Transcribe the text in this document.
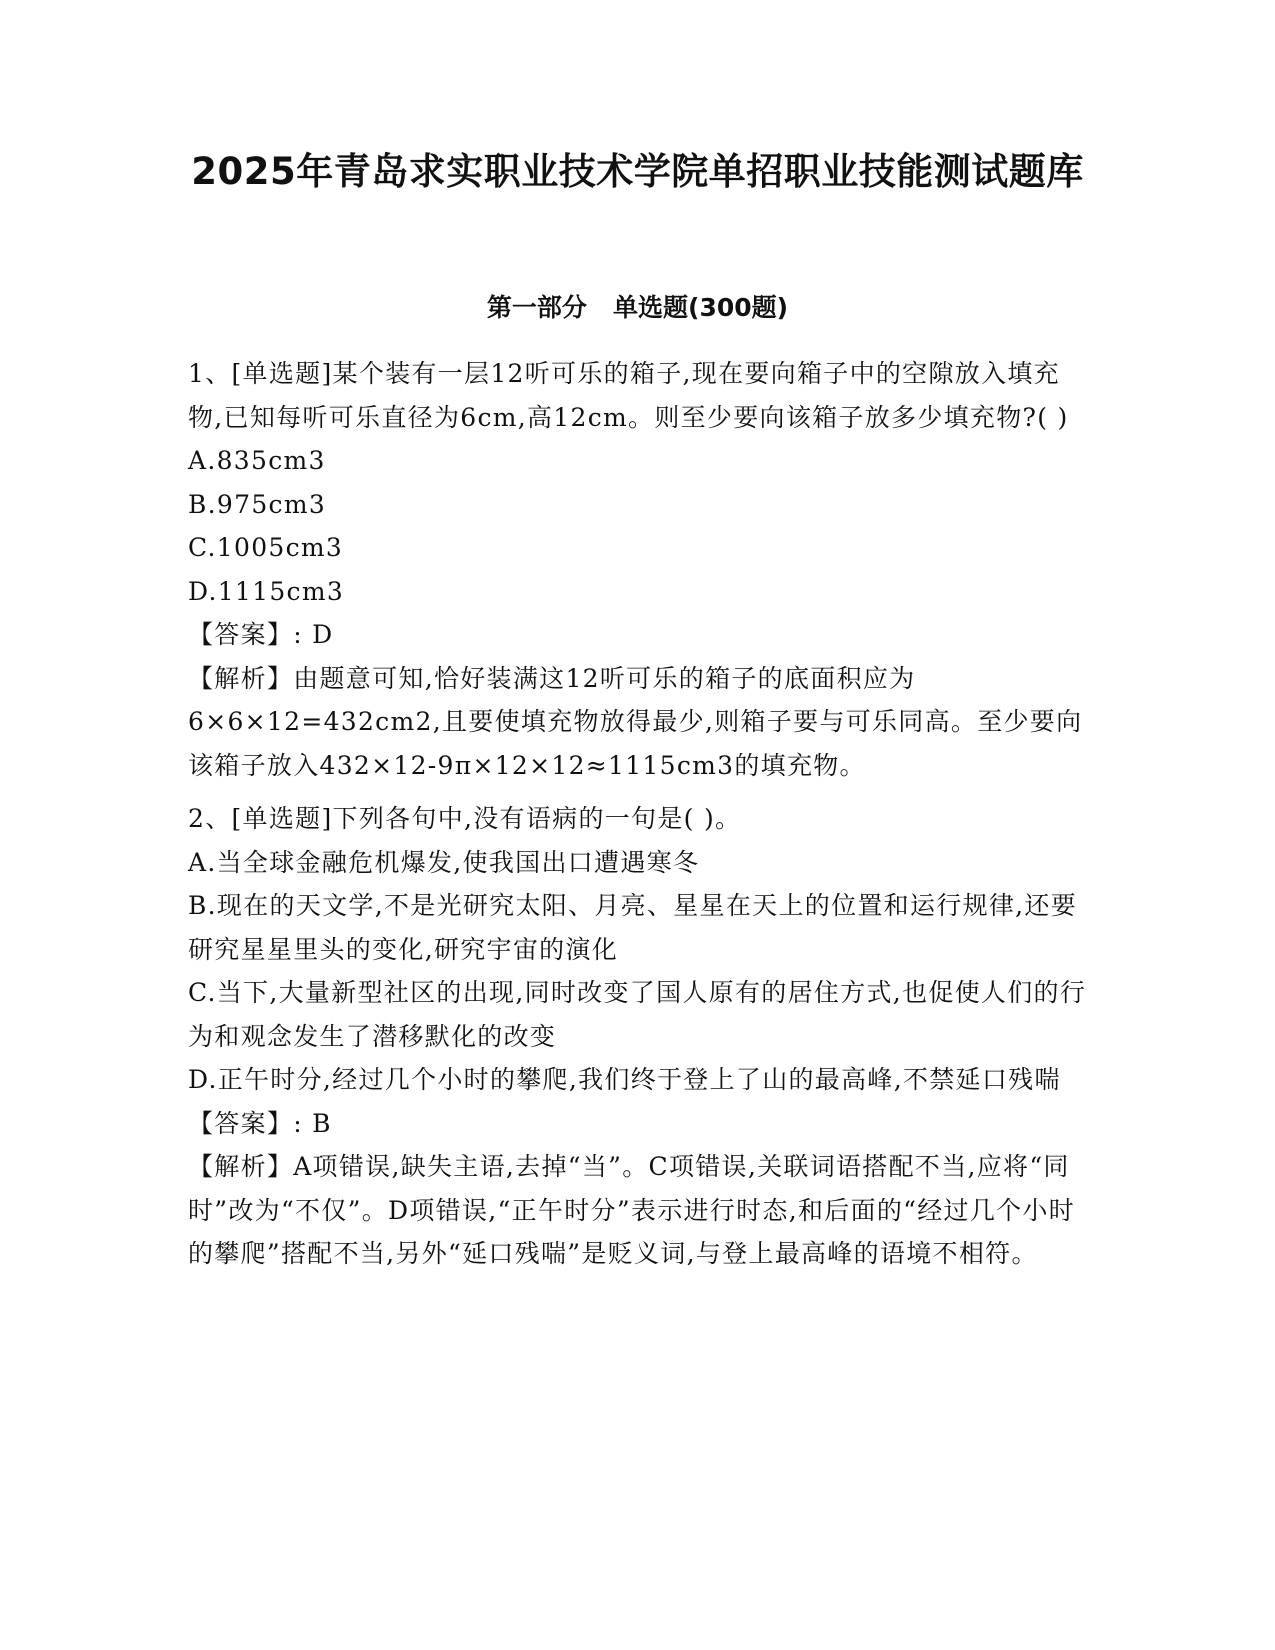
2025年青岛求实职业技术学院单招职业技能测试题库
第一部分   单选题(300题)

1、[单选题]某个装有一层12听可乐的箱子,现在要向箱子中的空隙放入填充物,已知每听可乐直径为6cm,高12cm。则至少要向该箱子放多少填充物?( )

A.835cm3

B.975cm3

C.1005cm3

D.1115cm3

【答案】: D

【解析】由题意可知,恰好装满这12听可乐的箱子的底面积应为6×6×12=432cm2,且要使填充物放得最少,则箱子要与可乐同高。至少要向该箱子放入432×12-9π×12×12≈1115cm3的填充物。

2、[单选题]下列各句中,没有语病的一句是( )。

A.当全球金融危机爆发,使我国出口遭遇寒冬

B.现在的天文学,不是光研究太阳、月亮、星星在天上的位置和运行规律,还要研究星星里头的变化,研究宇宙的演化

C.当下,大量新型社区的出现,同时改变了国人原有的居住方式,也促使人们的行为和观念发生了潜移默化的改变

D.正午时分,经过几个小时的攀爬,我们终于登上了山的最高峰,不禁延口残喘

【答案】: B

【解析】A项错误,缺失主语,去掉“当”。C项错误,关联词语搭配不当,应将“同时”改为“不仅”。D项错误,“正午时分”表示进行时态,和后面的“经过几个小时的攀爬”搭配不当,另外“延口残喘”是贬义词,与登上最高峰的语境不相符。
